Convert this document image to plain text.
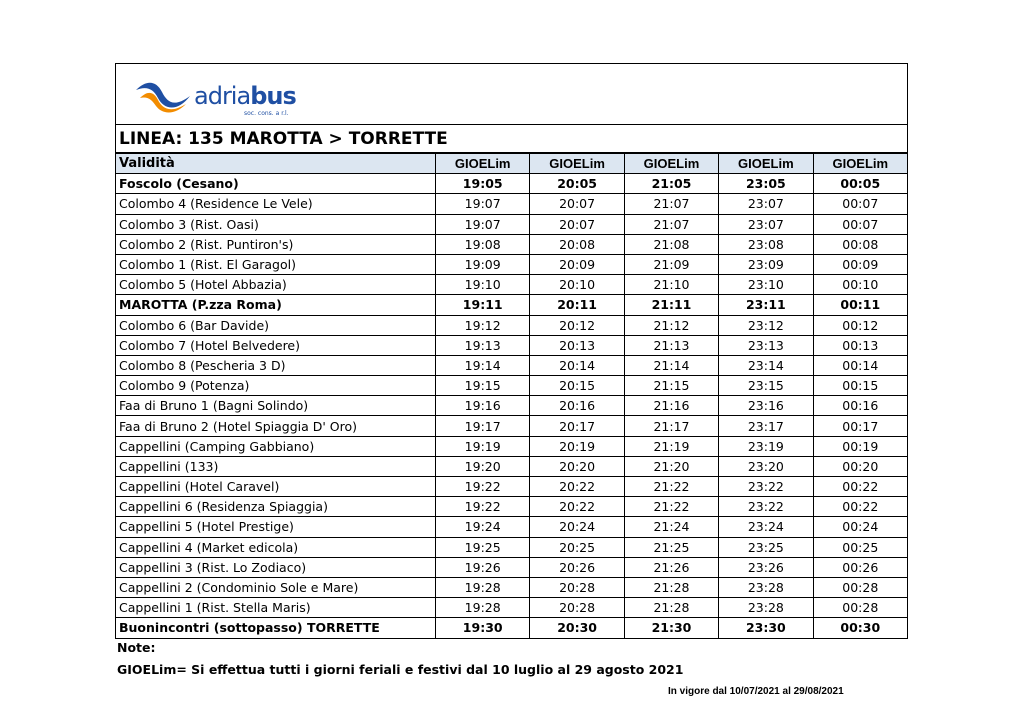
adriabus
soc. cons. a r.l.
LINEA: 135 MAROTTA > TORRETTE
Validità	GIOELim	GIOELim	GIOELim	GIOELim	GIOELim
Foscolo (Cesano)	19:05	20:05	21:05	23:05	00:05
Colombo 4 (Residence Le Vele)	19:07	20:07	21:07	23:07	00:07
Colombo 3 (Rist. Oasi)	19:07	20:07	21:07	23:07	00:07
Colombo 2 (Rist. Puntiron's)	19:08	20:08	21:08	23:08	00:08
Colombo 1 (Rist. El Garagol)	19:09	20:09	21:09	23:09	00:09
Colombo 5 (Hotel Abbazia)	19:10	20:10	21:10	23:10	00:10
MAROTTA (P.zza Roma)	19:11	20:11	21:11	23:11	00:11
Colombo 6 (Bar Davide)	19:12	20:12	21:12	23:12	00:12
Colombo 7 (Hotel Belvedere)	19:13	20:13	21:13	23:13	00:13
Colombo 8 (Pescheria 3 D)	19:14	20:14	21:14	23:14	00:14
Colombo 9 (Potenza)	19:15	20:15	21:15	23:15	00:15
Faa di Bruno 1 (Bagni Solindo)	19:16	20:16	21:16	23:16	00:16
Faa di Bruno 2 (Hotel Spiaggia D' Oro)	19:17	20:17	21:17	23:17	00:17
Cappellini (Camping Gabbiano)	19:19	20:19	21:19	23:19	00:19
Cappellini (133)	19:20	20:20	21:20	23:20	00:20
Cappellini (Hotel Caravel)	19:22	20:22	21:22	23:22	00:22
Cappellini 6 (Residenza Spiaggia)	19:22	20:22	21:22	23:22	00:22
Cappellini 5 (Hotel Prestige)	19:24	20:24	21:24	23:24	00:24
Cappellini 4 (Market edicola)	19:25	20:25	21:25	23:25	00:25
Cappellini 3 (Rist. Lo Zodiaco)	19:26	20:26	21:26	23:26	00:26
Cappellini 2 (Condominio Sole e Mare)	19:28	20:28	21:28	23:28	00:28
Cappellini 1 (Rist. Stella Maris)	19:28	20:28	21:28	23:28	00:28
Buonincontri (sottopasso) TORRETTE	19:30	20:30	21:30	23:30	00:30
Note:
GIOELim= Si effettua tutti i giorni feriali e festivi dal 10 luglio al 29 agosto 2021
In vigore dal 10/07/2021 al 29/08/2021
